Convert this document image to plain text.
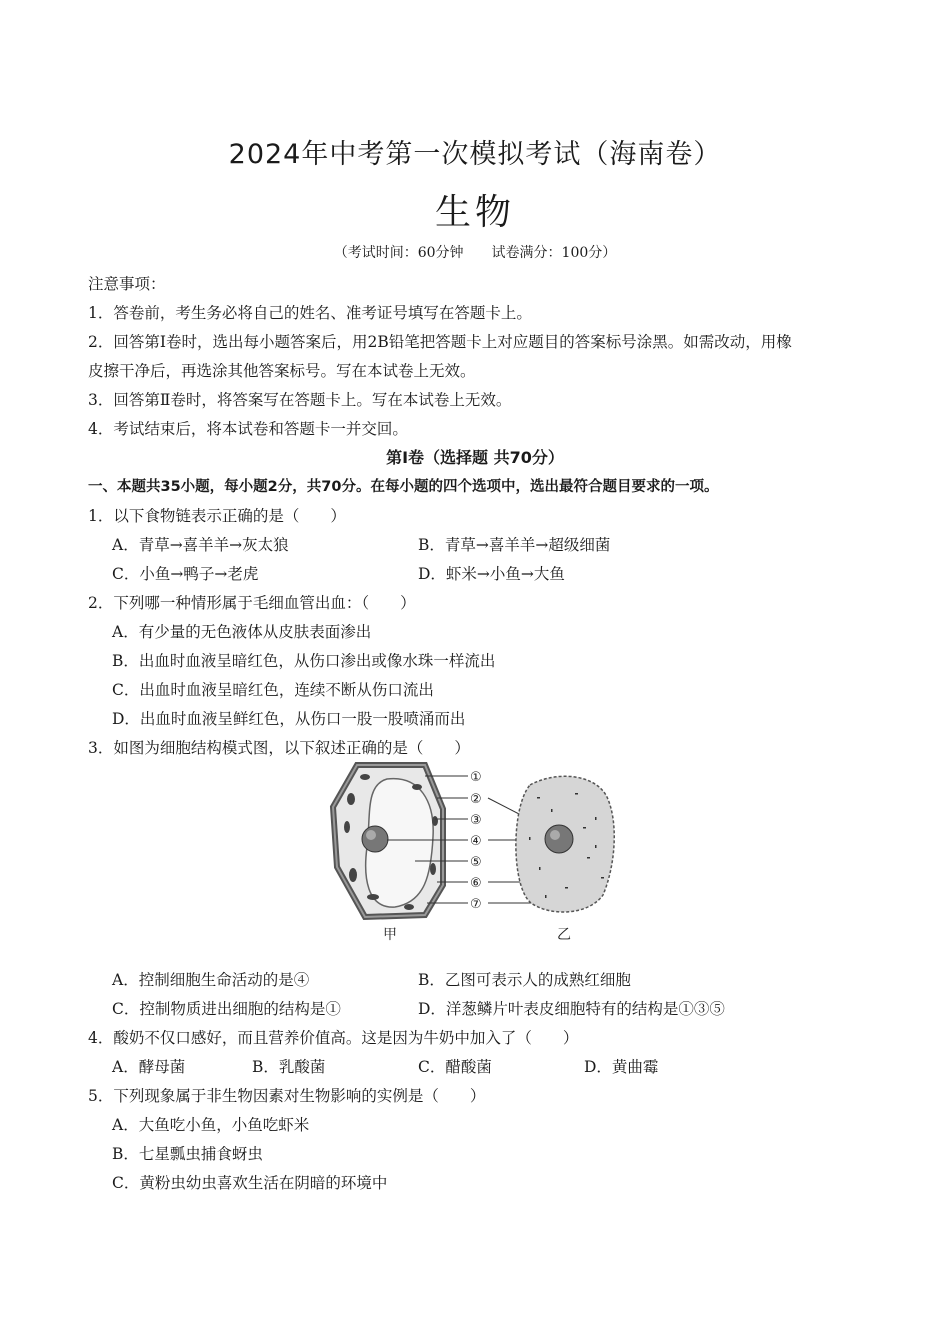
2024年中考第一次模拟考试（海南卷）
生物
（考试时间：60分钟　　试卷满分：100分）
注意事项：
1．答卷前，考生务必将自己的姓名、准考证号填写在答题卡上。
2．回答第Ⅰ卷时，选出每小题答案后，用2B铅笔把答题卡上对应题目的答案标号涂黑。如需改动，用橡
皮擦干净后，再选涂其他答案标号。写在本试卷上无效。
3．回答第Ⅱ卷时，将答案写在答题卡上。写在本试卷上无效。
4．考试结束后，将本试卷和答题卡一并交回。
第Ⅰ卷（选择题 共70分）
一、本题共35小题，每小题2分，共70分。在每小题的四个选项中，选出最符合题目要求的一项。
1．以下食物链表示正确的是（　　）
A．青草→喜羊羊→灰太狼	B．青草→喜羊羊→超级细菌
C．小鱼→鸭子→老虎	D．虾米→小鱼→大鱼
2．下列哪一种情形属于毛细血管出血：（　　）
A．有少量的无色液体从皮肤表面渗出
B．出血时血液呈暗红色，从伤口渗出或像水珠一样流出
C．出血时血液呈暗红色，连续不断从伤口流出
D．出血时血液呈鲜红色，从伤口一股一股喷涌而出
3．如图为细胞结构模式图，以下叙述正确的是（　　）
①
②
③
④
⑤
⑥
⑦
甲	乙
A．控制细胞生命活动的是④	B．乙图可表示人的成熟红细胞
C．控制物质进出细胞的结构是①	D．洋葱鳞片叶表皮细胞特有的结构是①③⑤
4．酸奶不仅口感好，而且营养价值高。这是因为牛奶中加入了（　　）
A．酵母菌	B．乳酸菌	C．醋酸菌	D．黄曲霉
5．下列现象属于非生物因素对生物影响的实例是（　　）
A．大鱼吃小鱼，小鱼吃虾米
B．七星瓢虫捕食蚜虫
C．黄粉虫幼虫喜欢生活在阴暗的环境中
